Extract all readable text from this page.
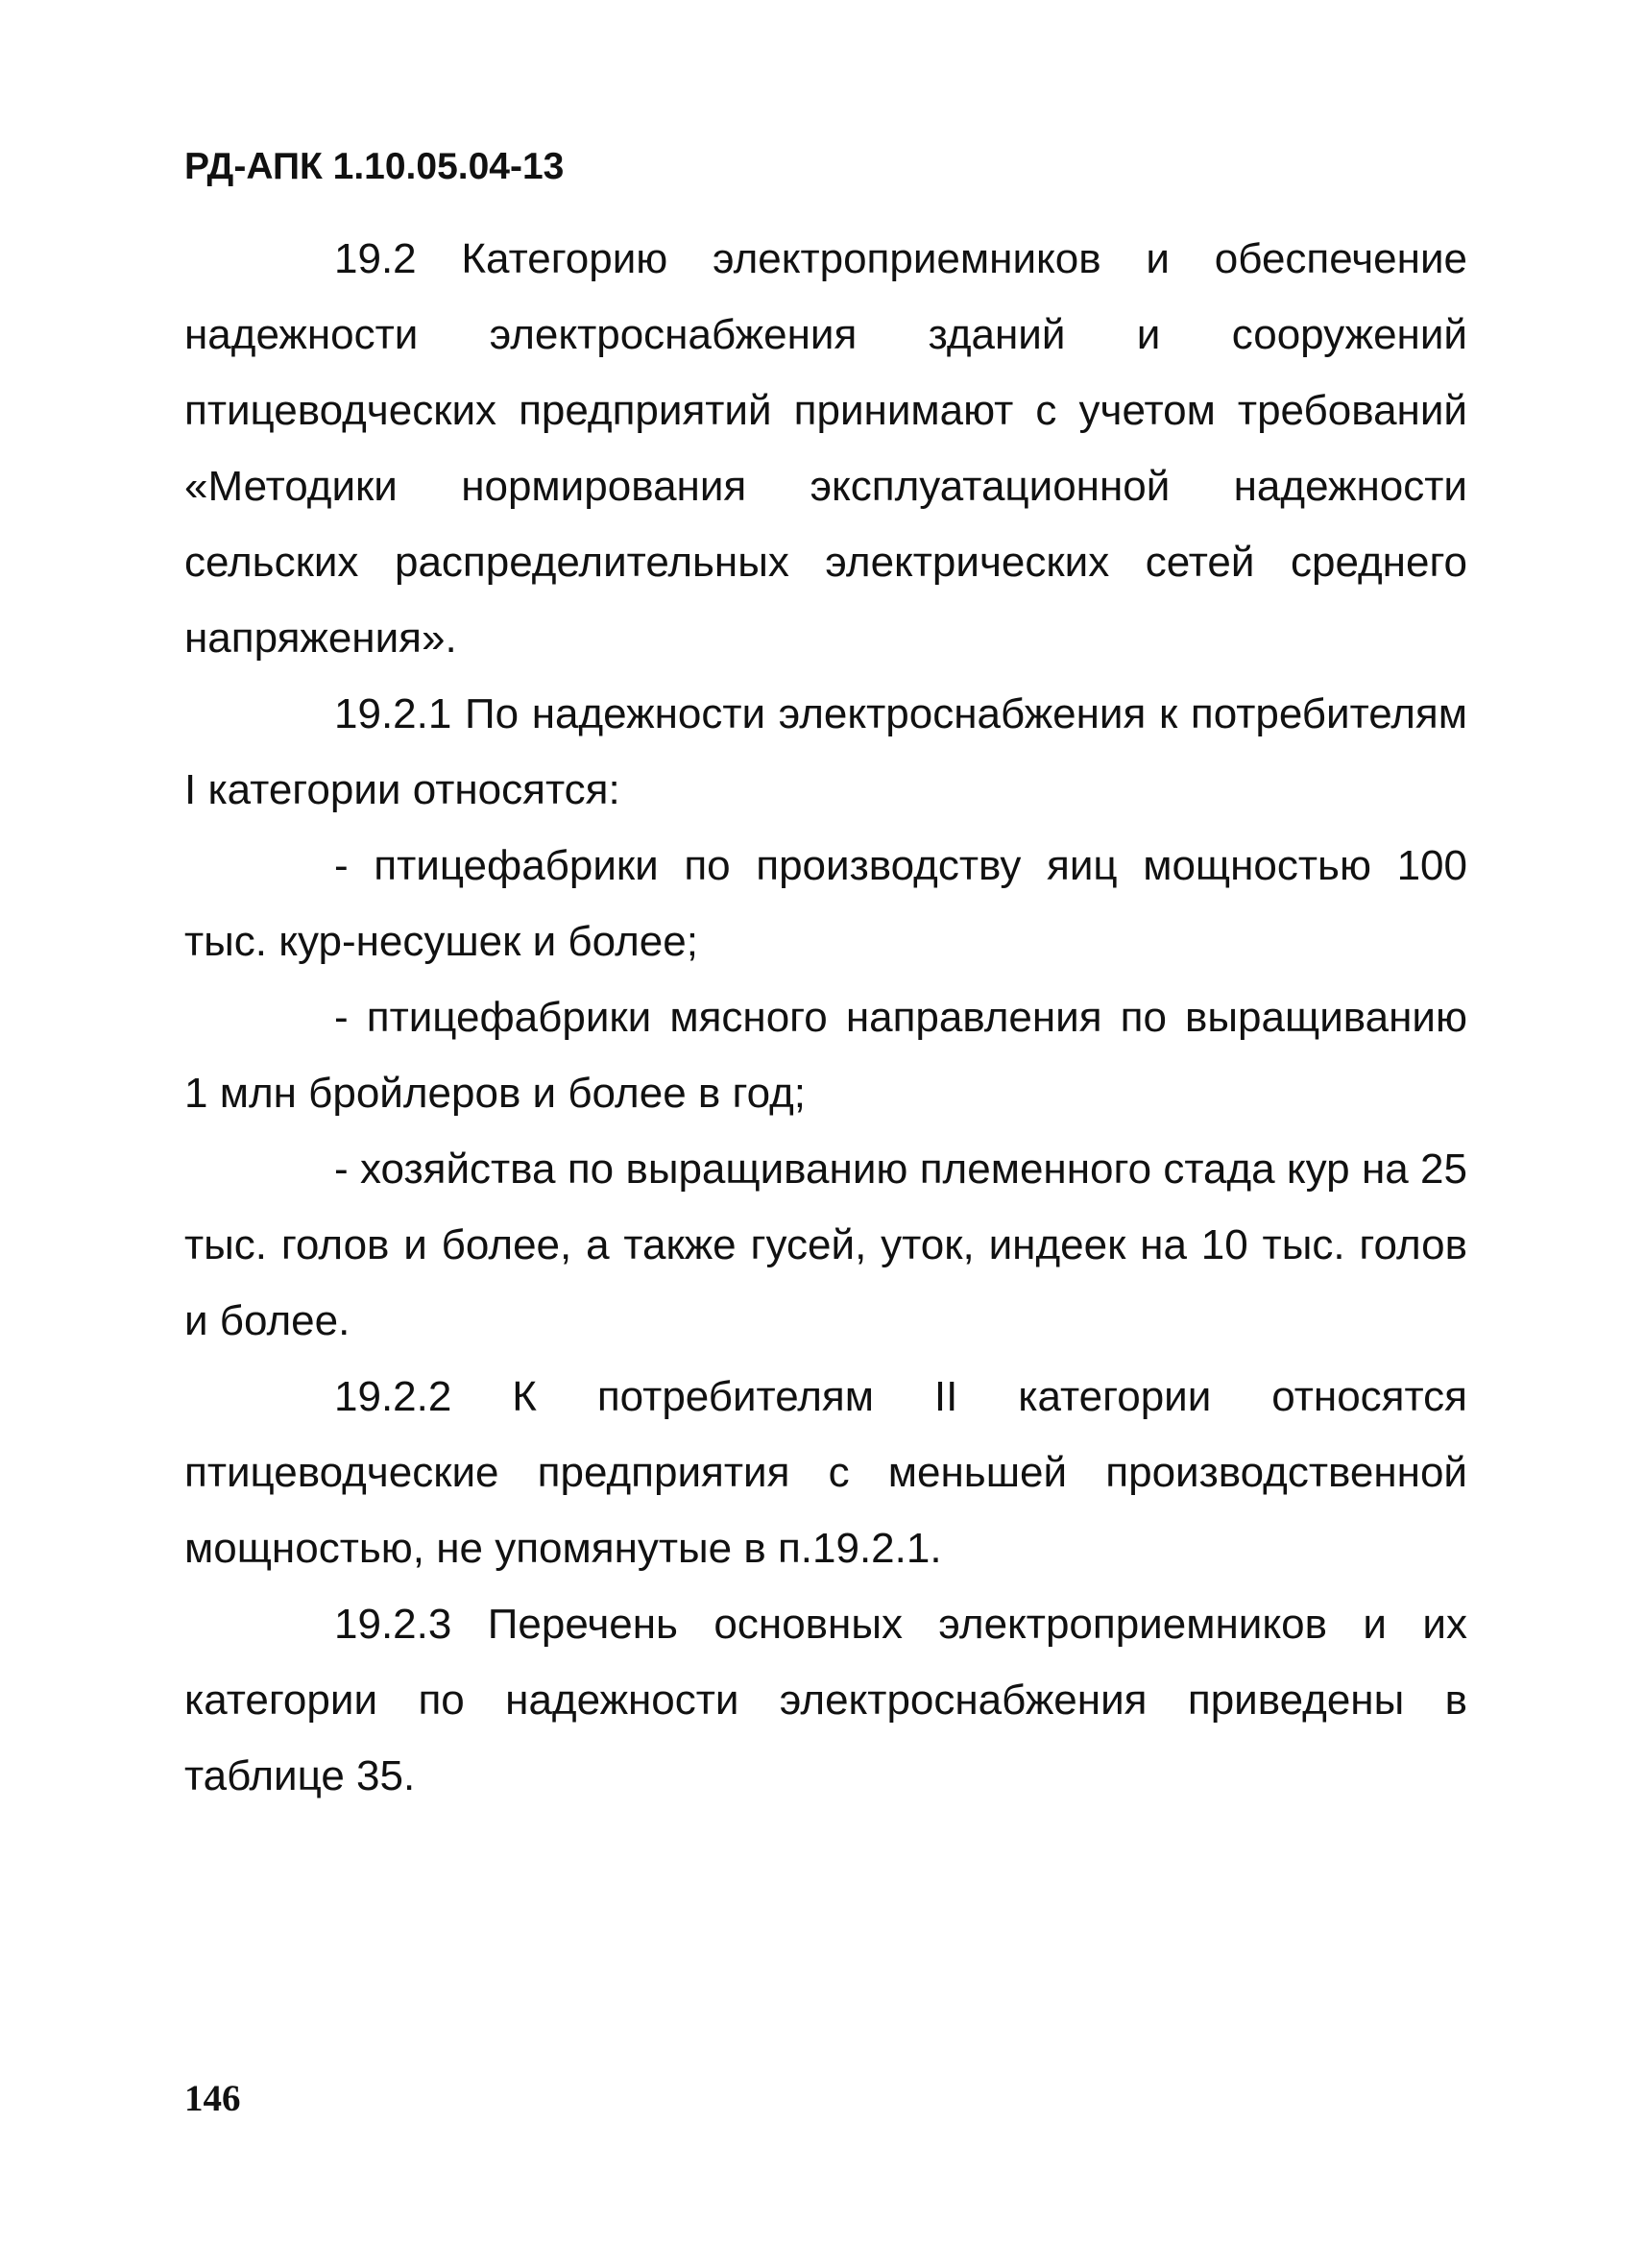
РД-АПК 1.10.05.04-13

19.2 Категорию электроприемников и обеспечение надежности электроснабжения зданий и сооружений птицеводческих предприятий принимают с учетом требований «Методики нормирования эксплуатационной надежности сельских распределительных электрических сетей среднего напряжения».

19.2.1 По надежности электроснабжения к потребителям I категории относятся:

- птицефабрики по производству яиц мощностью 100 тыс. кур-несушек и более;

- птицефабрики мясного направления по выращиванию 1 млн бройлеров и более в год;

- хозяйства по выращиванию племенного стада кур на 25 тыс. голов и более, а также гусей, уток, индеек на 10 тыс. голов и более.

19.2.2 К потребителям II категории относятся птицеводческие предприятия с меньшей производственной мощностью, не упомянутые в п.19.2.1.

19.2.3 Перечень основных электроприемников и их категории по надежности электроснабжения приведены в таблице 35.

146
